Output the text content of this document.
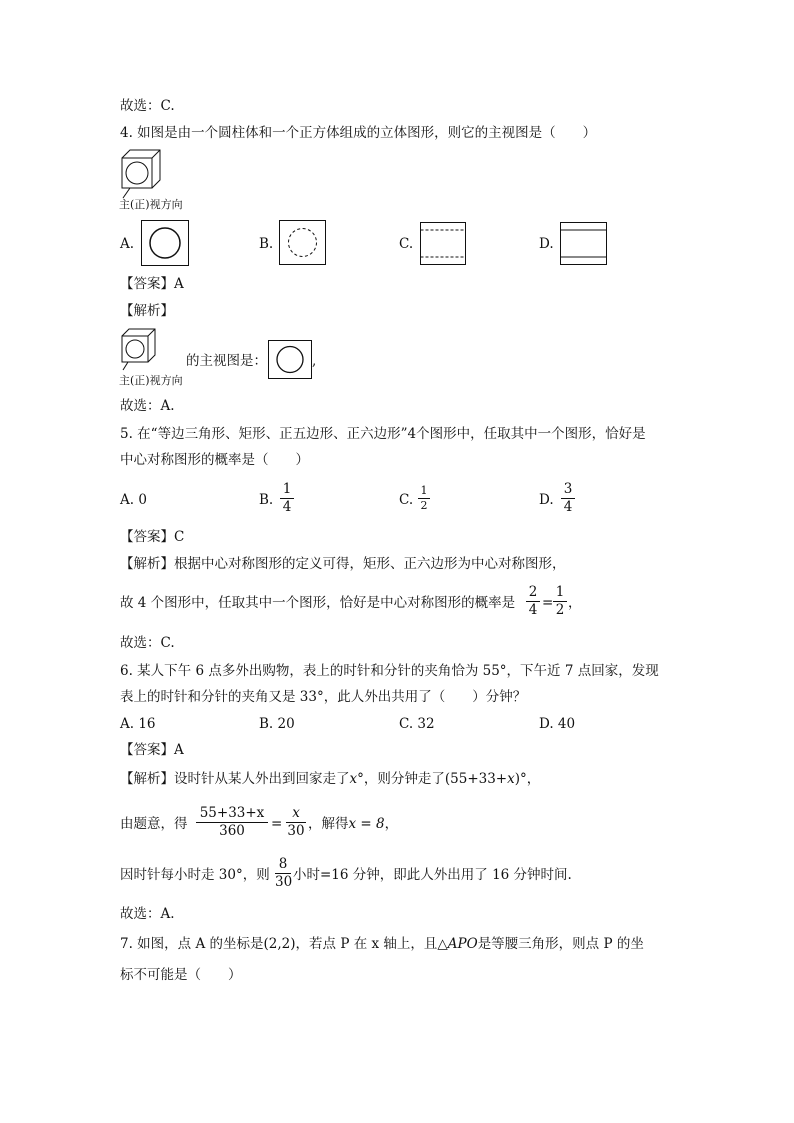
故选：C.
4. 如图是由一个圆柱体和一个正方体组成的立体图形，则它的主视图是（　　）
主(正)视方向
A.	B.	C.	D.
【答案】A
【解析】
主(正)视方向
的主视图是：	,
故选：A.
5. 在“等边三角形、矩形、正五边形、正六边形”4个图形中，任取其中一个图形，恰好是
中心对称图形的概率是（　　）
A. 0	B.
1
4	C.
1
2	D.
3
4
【答案】C
【解析】根据中心对称图形的定义可得，矩形、正六边形为中心对称图形，
故 4 个图形中，任取其中一个图形，恰好是中心对称图形的概率是
2
4 =
1
2 ，
故选：C.
6. 某人下午 6 点多外出购物，表上的时针和分针的夹角恰为 55°，下午近 7 点回家，发现
表上的时针和分针的夹角又是 33°，此人外出共用了（　　）分钟？
A. 16	B. 20	C. 32	D. 40
【答案】A
【解析】设时针从某人外出到回家走了x°，则分钟走了(55+33+x)°，
由题意，得
55+33+x
360	=
x
30 ，解得x = 8，
因时针每小时走 30°，则
8
30 小时=16 分钟，即此人外出用了 16 分钟时间.
故选：A.
7. 如图，点 A 的坐标是(2,2)，若点 P 在 x 轴上，且△APO是等腰三角形，则点 P 的坐
标不可能是（　　）
